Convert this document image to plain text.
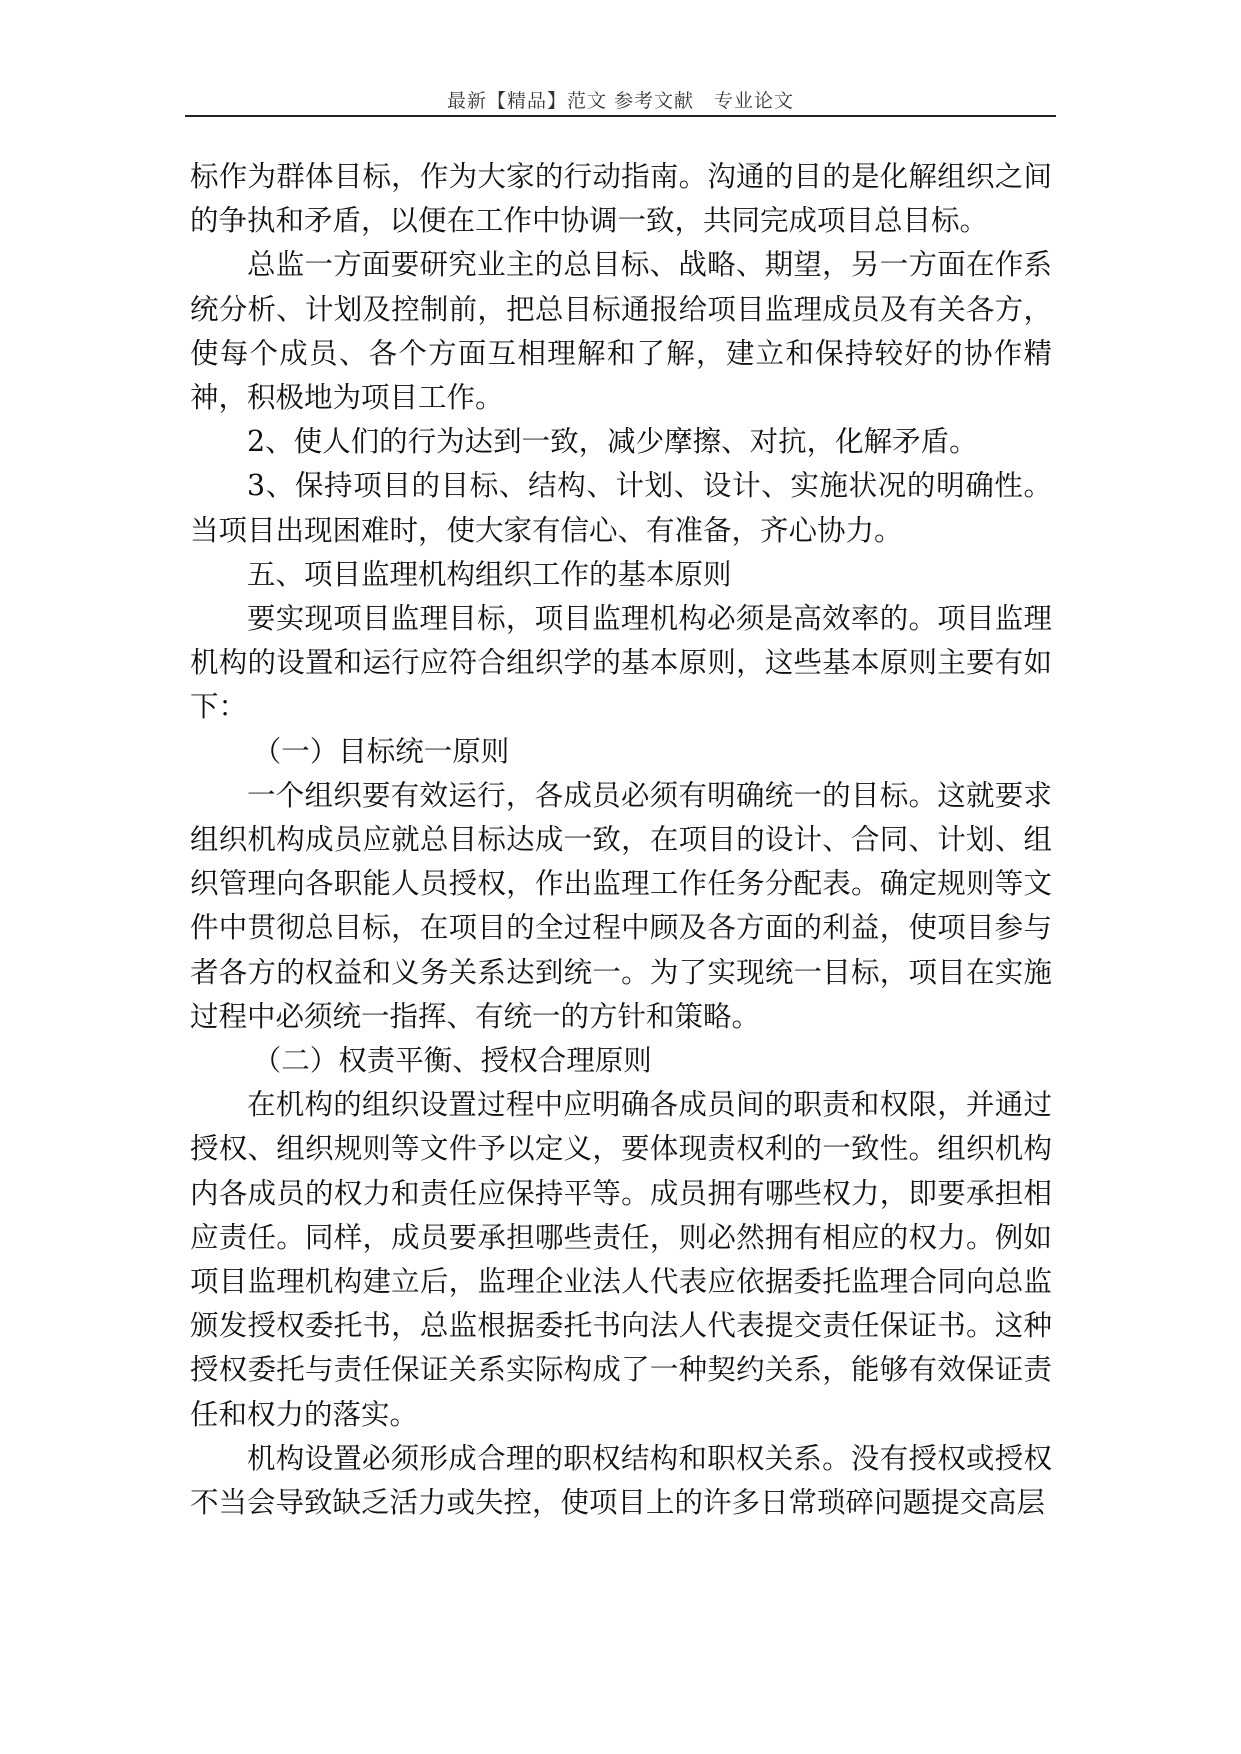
最新【精品】范文 参考文献　专业论文

标作为群体目标，作为大家的行动指南。沟通的目的是化解组织之间的争执和矛盾，以便在工作中协调一致，共同完成项目总目标。

总监一方面要研究业主的总目标、战略、期望，另一方面在作系统分析、计划及控制前，把总目标通报给项目监理成员及有关各方，使每个成员、各个方面互相理解和了解，建立和保持较好的协作精神，积极地为项目工作。

2、使人们的行为达到一致，减少摩擦、对抗，化解矛盾。

3、保持项目的目标、结构、计划、设计、实施状况的明确性。当项目出现困难时，使大家有信心、有准备，齐心协力。

五、项目监理机构组织工作的基本原则

要实现项目监理目标，项目监理机构必须是高效率的。项目监理机构的设置和运行应符合组织学的基本原则，这些基本原则主要有如下：

（一）目标统一原则

一个组织要有效运行，各成员必须有明确统一的目标。这就要求组织机构成员应就总目标达成一致，在项目的设计、合同、计划、组织管理向各职能人员授权，作出监理工作任务分配表。确定规则等文件中贯彻总目标，在项目的全过程中顾及各方面的利益，使项目参与者各方的权益和义务关系达到统一。为了实现统一目标，项目在实施过程中必须统一指挥、有统一的方针和策略。

（二）权责平衡、授权合理原则

在机构的组织设置过程中应明确各成员间的职责和权限，并通过授权、组织规则等文件予以定义，要体现责权利的一致性。组织机构内各成员的权力和责任应保持平等。成员拥有哪些权力，即要承担相应责任。同样，成员要承担哪些责任，则必然拥有相应的权力。例如项目监理机构建立后，监理企业法人代表应依据委托监理合同向总监颁发授权委托书，总监根据委托书向法人代表提交责任保证书。这种授权委托与责任保证关系实际构成了一种契约关系，能够有效保证责任和权力的落实。

机构设置必须形成合理的职权结构和职权关系。没有授权或授权不当会导致缺乏活力或失控，使项目上的许多日常琐碎问题提交高层
